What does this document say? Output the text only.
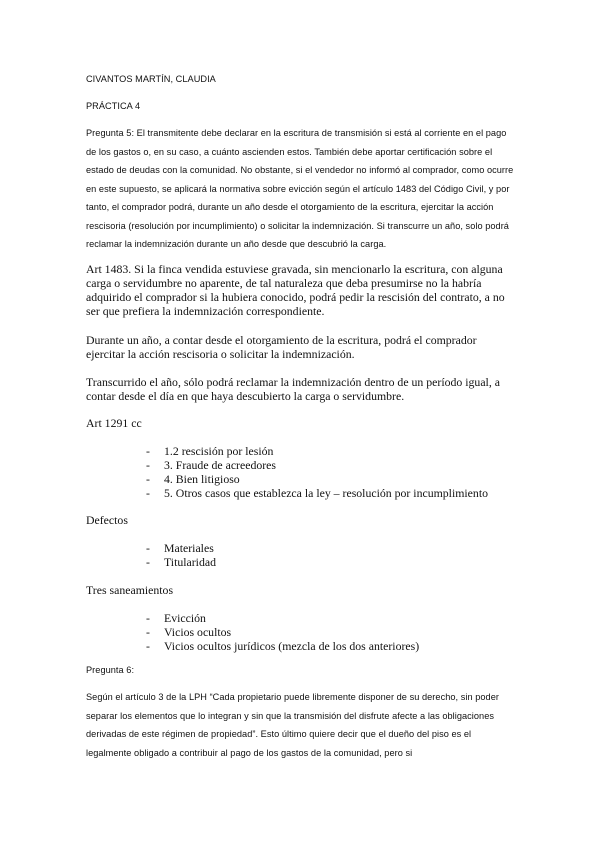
CIVANTOS MARTÍN, CLAUDIA

PRÁCTICA 4

Pregunta 5: El transmitente debe declarar en la escritura de transmisión si está al corriente en el pago de los gastos o, en su caso, a cuánto ascienden estos. También debe aportar certificación sobre el estado de deudas con la comunidad. No obstante, si el vendedor no informó al comprador, como ocurre en este supuesto, se aplicará la normativa sobre evicción según el artículo 1483 del Código Civil, y por tanto, el comprador podrá, durante un año desde el otorgamiento de la escritura, ejercitar la acción rescisoria (resolución por incumplimiento) o solicitar la indemnización. Si transcurre un año, solo podrá reclamar la indemnización durante un año desde que descubrió la carga.

Art 1483. Si la finca vendida estuviese gravada, sin mencionarlo la escritura, con alguna carga o servidumbre no aparente, de tal naturaleza que deba presumirse no la habría adquirido el comprador si la hubiera conocido, podrá pedir la rescisión del contrato, a no ser que prefiera la indemnización correspondiente.

Durante un año, a contar desde el otorgamiento de la escritura, podrá el comprador ejercitar la acción rescisoria o solicitar la indemnización.

Transcurrido el año, sólo podrá reclamar la indemnización dentro de un período igual, a contar desde el día en que haya descubierto la carga o servidumbre.

Art 1291 cc

- 1.2 rescisión por lesión
- 3. Fraude de acreedores
- 4. Bien litigioso
- 5. Otros casos que establezca la ley – resolución por incumplimiento

Defectos

- Materiales
- Titularidad

Tres saneamientos

- Evicción
- Vicios ocultos
- Vicios ocultos jurídicos (mezcla de los dos anteriores)

Pregunta 6:

Según el artículo 3 de la LPH “Cada propietario puede libremente disponer de su derecho, sin poder separar los elementos que lo integran y sin que la transmisión del disfrute afecte a las obligaciones derivadas de este régimen de propiedad”. Esto último quiere decir que el dueño del piso es el legalmente obligado a contribuir al pago de los gastos de la comunidad, pero si
